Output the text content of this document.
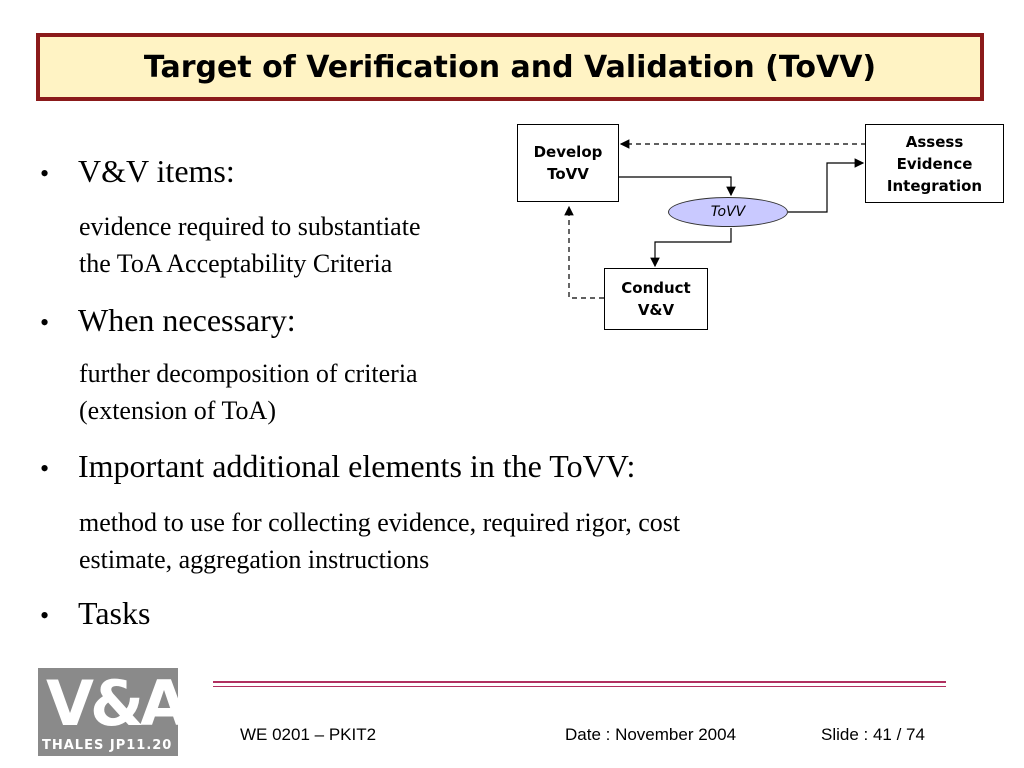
Target of Verification and Validation (ToVV)
• V&V items:
evidence required to substantiate
the ToA Acceptability Criteria
• When necessary:
further decomposition of criteria
(extension of ToA)
• Important additional elements in the ToVV:
method to use for collecting evidence, required rigor, cost
estimate, aggregation instructions
• Tasks
Develop
ToVV
Assess
Evidence
Integration
Conduct
V&V
ToVV
V&A
THALES JP11.20
WE 0201 – PKIT2	Date : November 2004	Slide : 41 / 74
